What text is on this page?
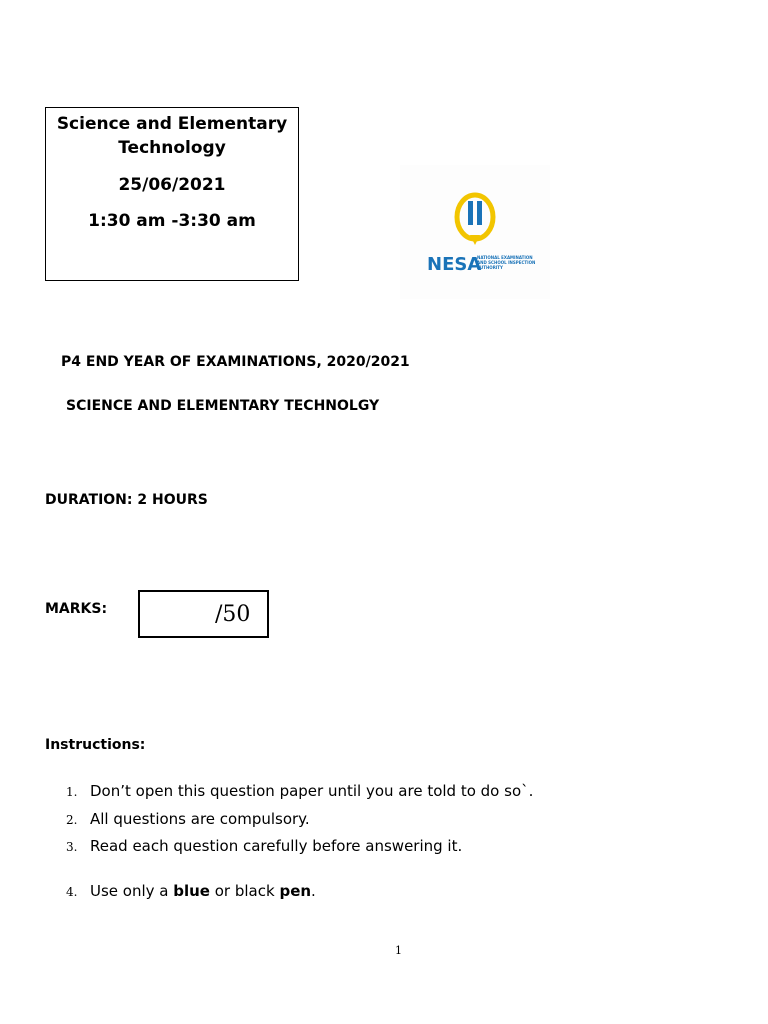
Science and Elementary Technology
25/06/2021
1:30 am -3:30 am
NESA
NATIONAL EXAMINATION
AND SCHOOL INSPECTION
AUTHORITY
P4 END YEAR OF EXAMINATIONS, 2020/2021
SCIENCE AND ELEMENTARY TECHNOLGY
DURATION: 2 HOURS
MARKS:	/50
Instructions:
1. Don’t open this question paper until you are told to do so`.
2. All questions are compulsory.
3. Read each question carefully before answering it.
4. Use only a blue or black pen.
1
